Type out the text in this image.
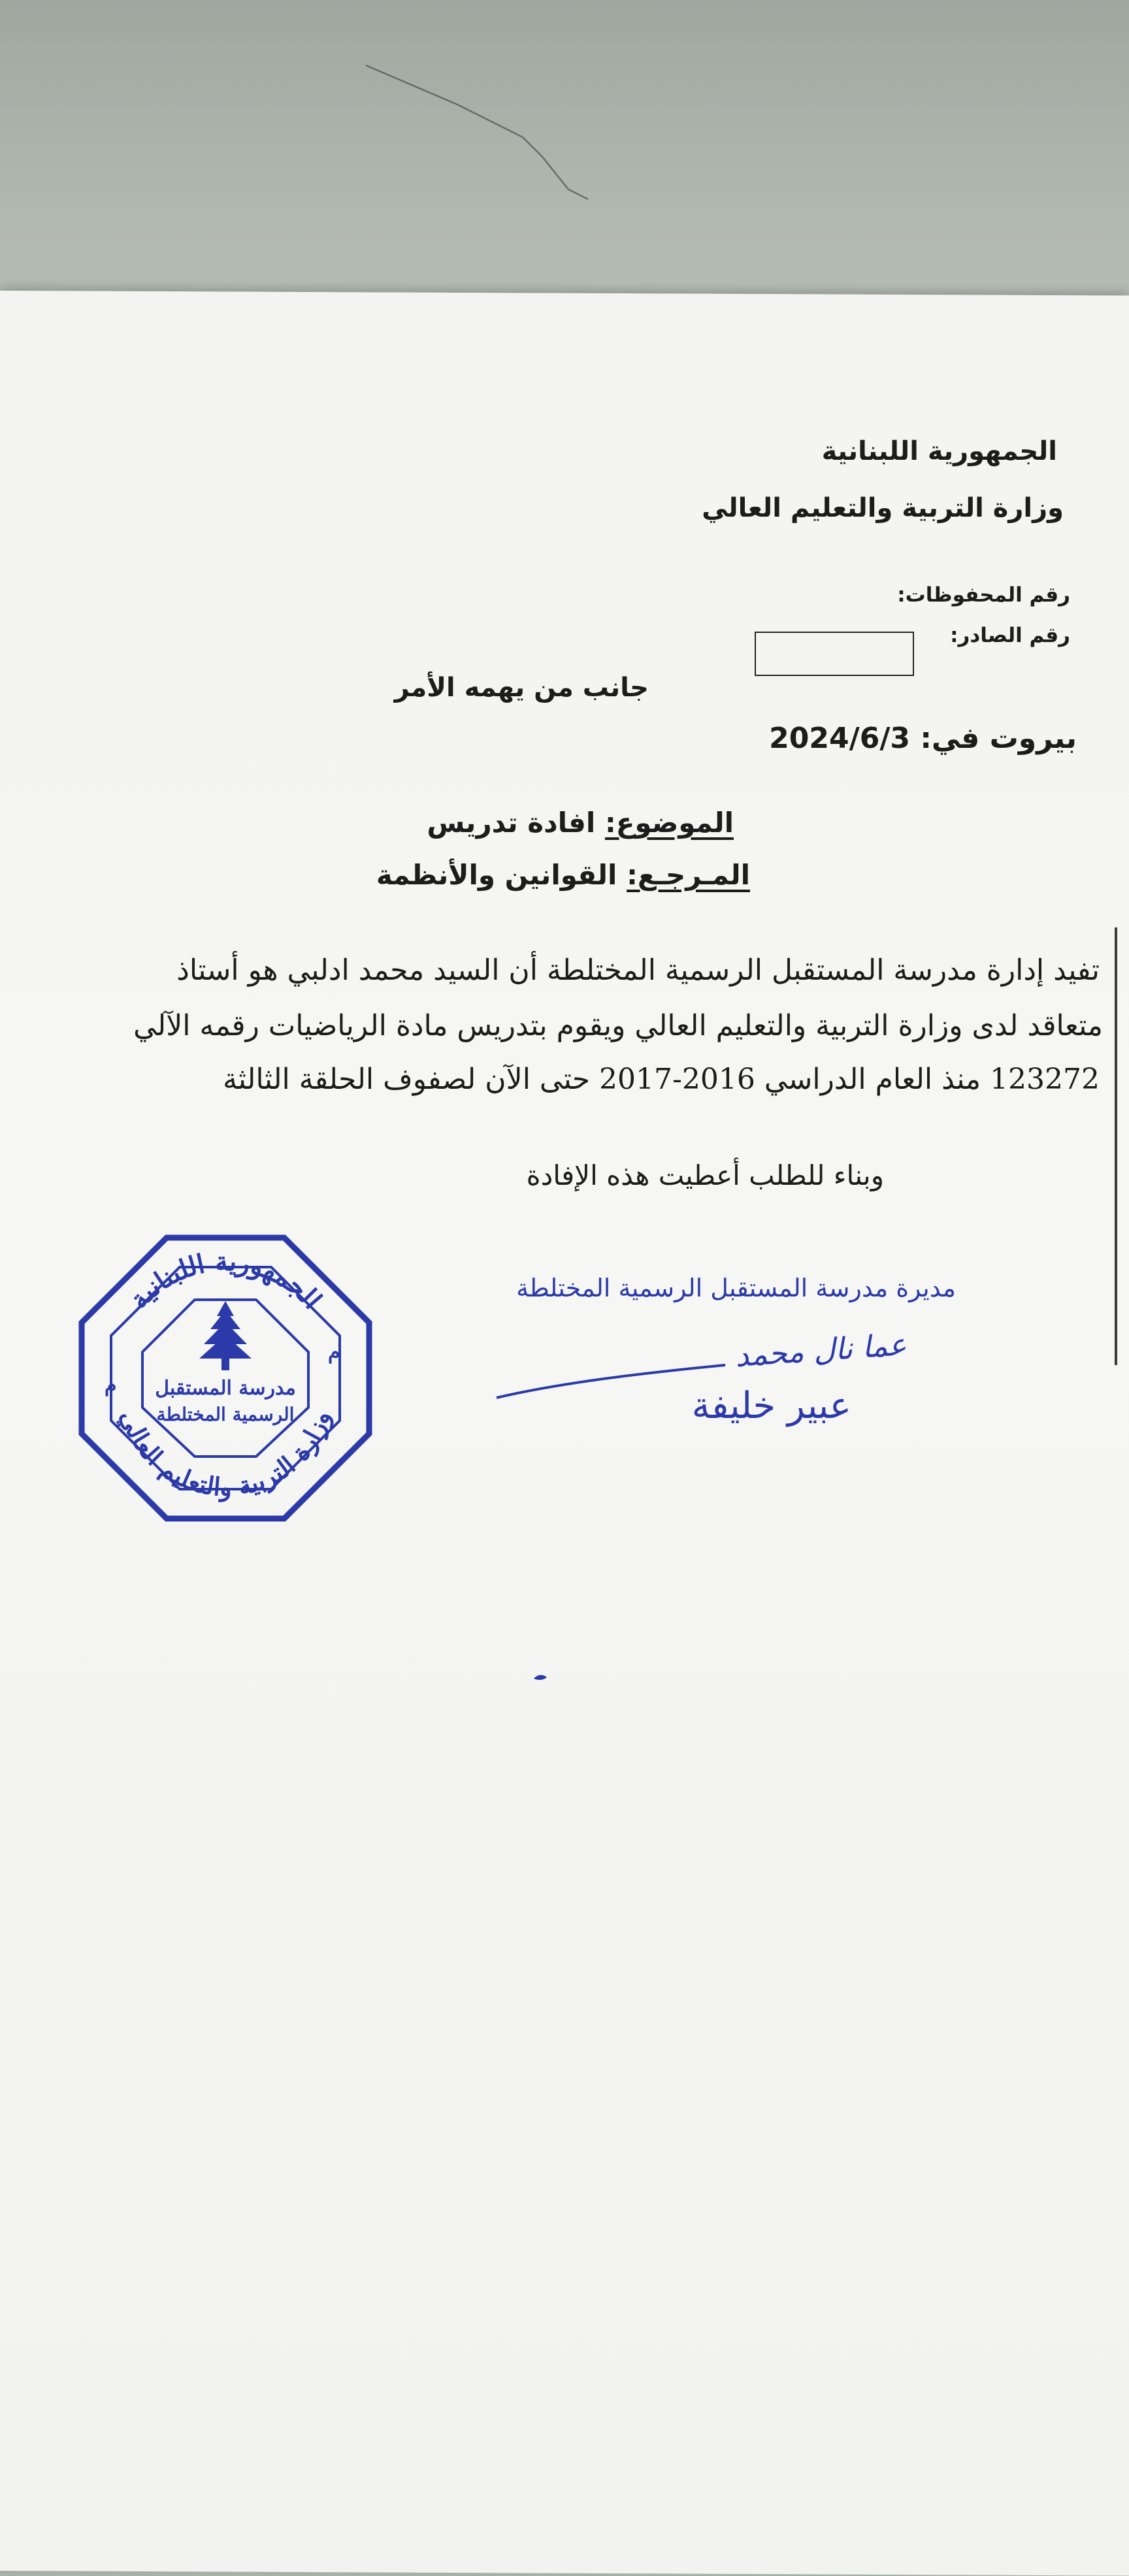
الجمهورية اللبنانية
وزارة التربية والتعليم العالي
رقم المحفوظات:
رقم الصادر:
جانب من يهمه الأمر
بيروت في: 2024/6/3
الموضوع: افادة تدريس
المـرجـع: القوانين والأنظمة
تفيد إدارة مدرسة المستقبل الرسمية المختلطة أن السيد محمد ادلبي هو أستاذ
متعاقد لدى وزارة التربية والتعليم العالي ويقوم بتدريس مادة الرياضيات رقمه الآلي
123272 منذ العام الدراسي 2016-2017 حتى الآن لصفوف الحلقة الثالثة
وبناء للطلب أعطيت هذه الإفادة
مديرة مدرسة المستقبل الرسمية المختلطة
عما نال محمد
عبير خليفة
الجمهورية اللبنانية
وزارة التربية والتعليم العالي
مدرسة المستقبل
الرسمية المختلطة
م
م
